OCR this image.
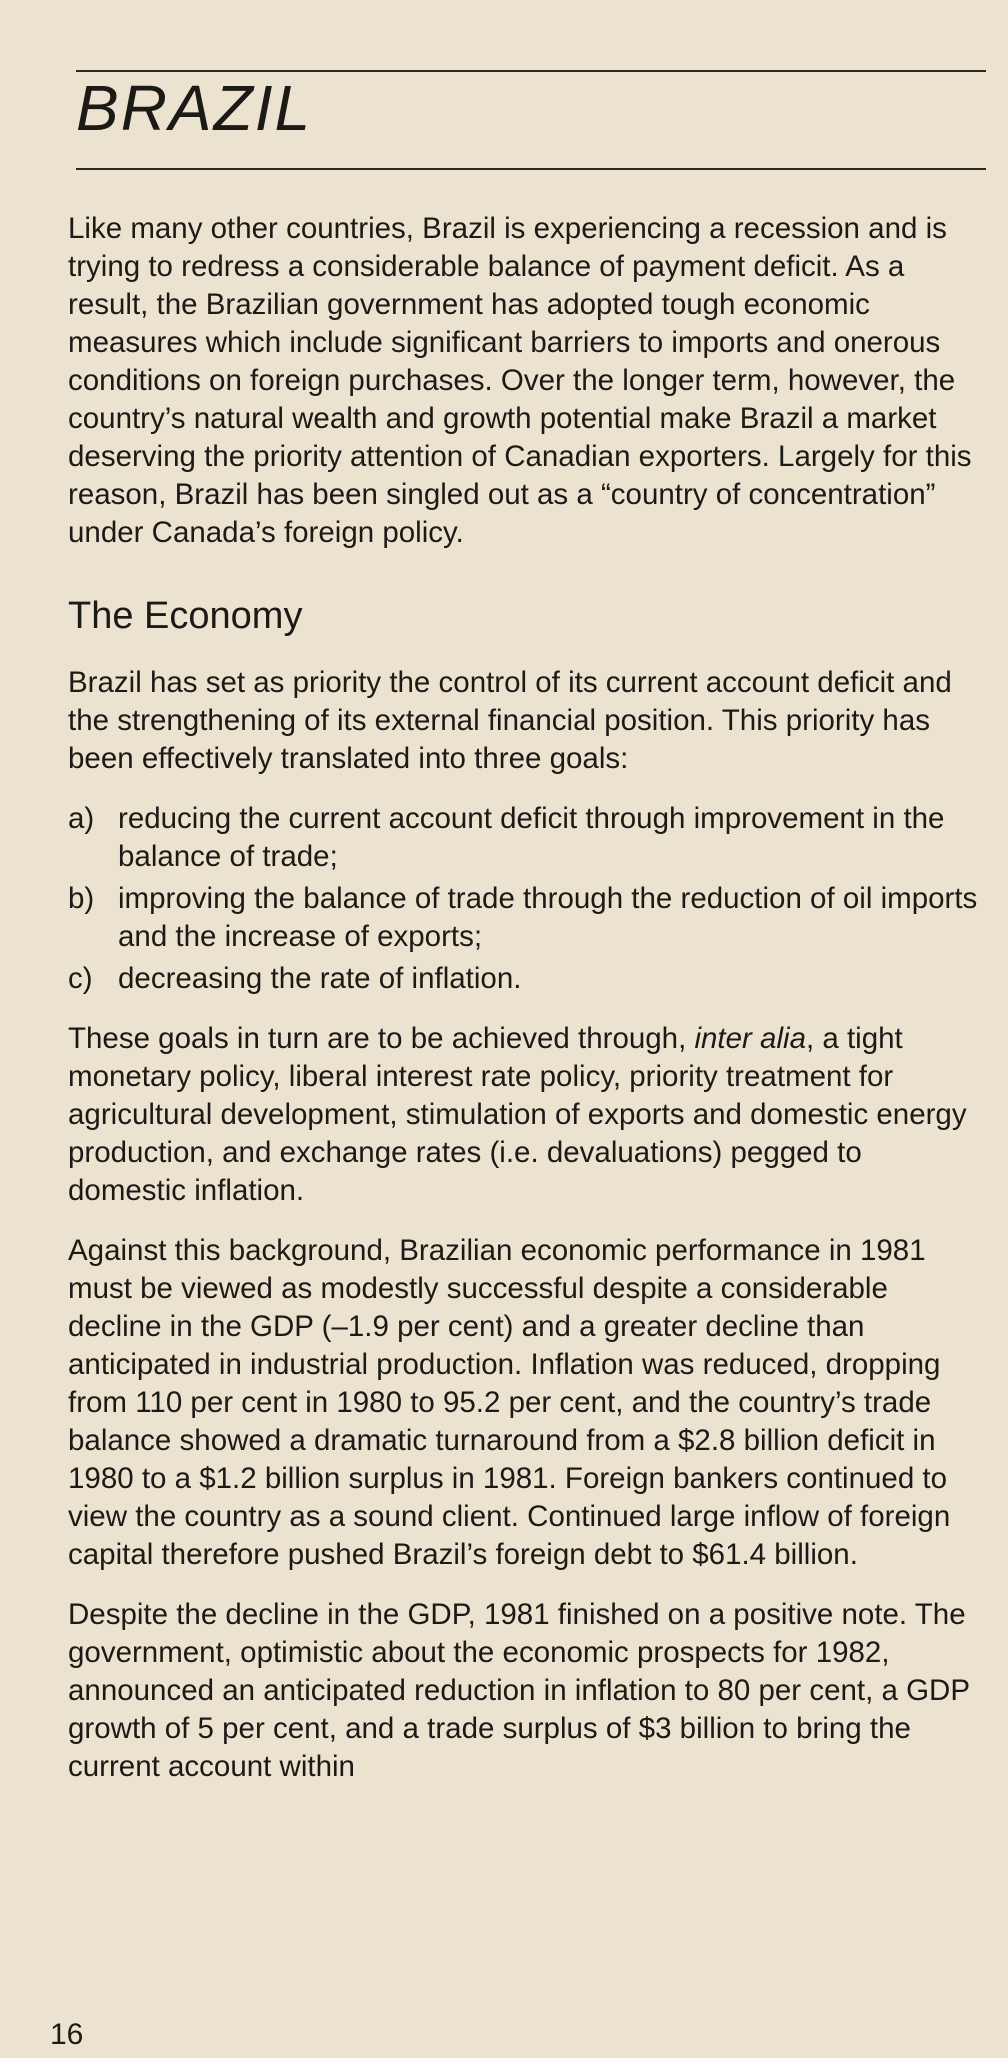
BRAZIL

Like many other countries, Brazil is experiencing a recession and is trying to redress a considerable balance of payment deficit. As a result, the Brazilian government has adopted tough economic measures which include significant barriers to imports and onerous conditions on foreign purchases. Over the longer term, however, the country’s natural wealth and growth potential make Brazil a market deserving the priority attention of Canadian exporters. Largely for this reason, Brazil has been singled out as a “country of concentration” under Canada’s foreign policy.

The Economy

Brazil has set as priority the control of its current account deficit and the strengthening of its external financial position. This priority has been effectively translated into three goals:

a) reducing the current account deficit through improvement in the balance of trade;
b) improving the balance of trade through the reduction of oil imports and the increase of exports;
c) decreasing the rate of inflation.

These goals in turn are to be achieved through, inter alia, a tight monetary policy, liberal interest rate policy, priority treatment for agricultural development, stimulation of exports and domestic energy production, and exchange rates (i.e. devaluations) pegged to domestic inflation.

Against this background, Brazilian economic performance in 1981 must be viewed as modestly successful despite a considerable decline in the GDP (–1.9 per cent) and a greater decline than anticipated in industrial production. Inflation was reduced, dropping from 110 per cent in 1980 to 95.2 per cent, and the country’s trade balance showed a dramatic turnaround from a $2.8 billion deficit in 1980 to a $1.2 billion surplus in 1981. Foreign bankers continued to view the country as a sound client. Continued large inflow of foreign capital therefore pushed Brazil’s foreign debt to $61.4 billion.

Despite the decline in the GDP, 1981 finished on a positive note. The government, optimistic about the economic prospects for 1982, announced an anticipated reduction in inflation to 80 per cent, a GDP growth of 5 per cent, and a trade surplus of $3 billion to bring the current account within

16
